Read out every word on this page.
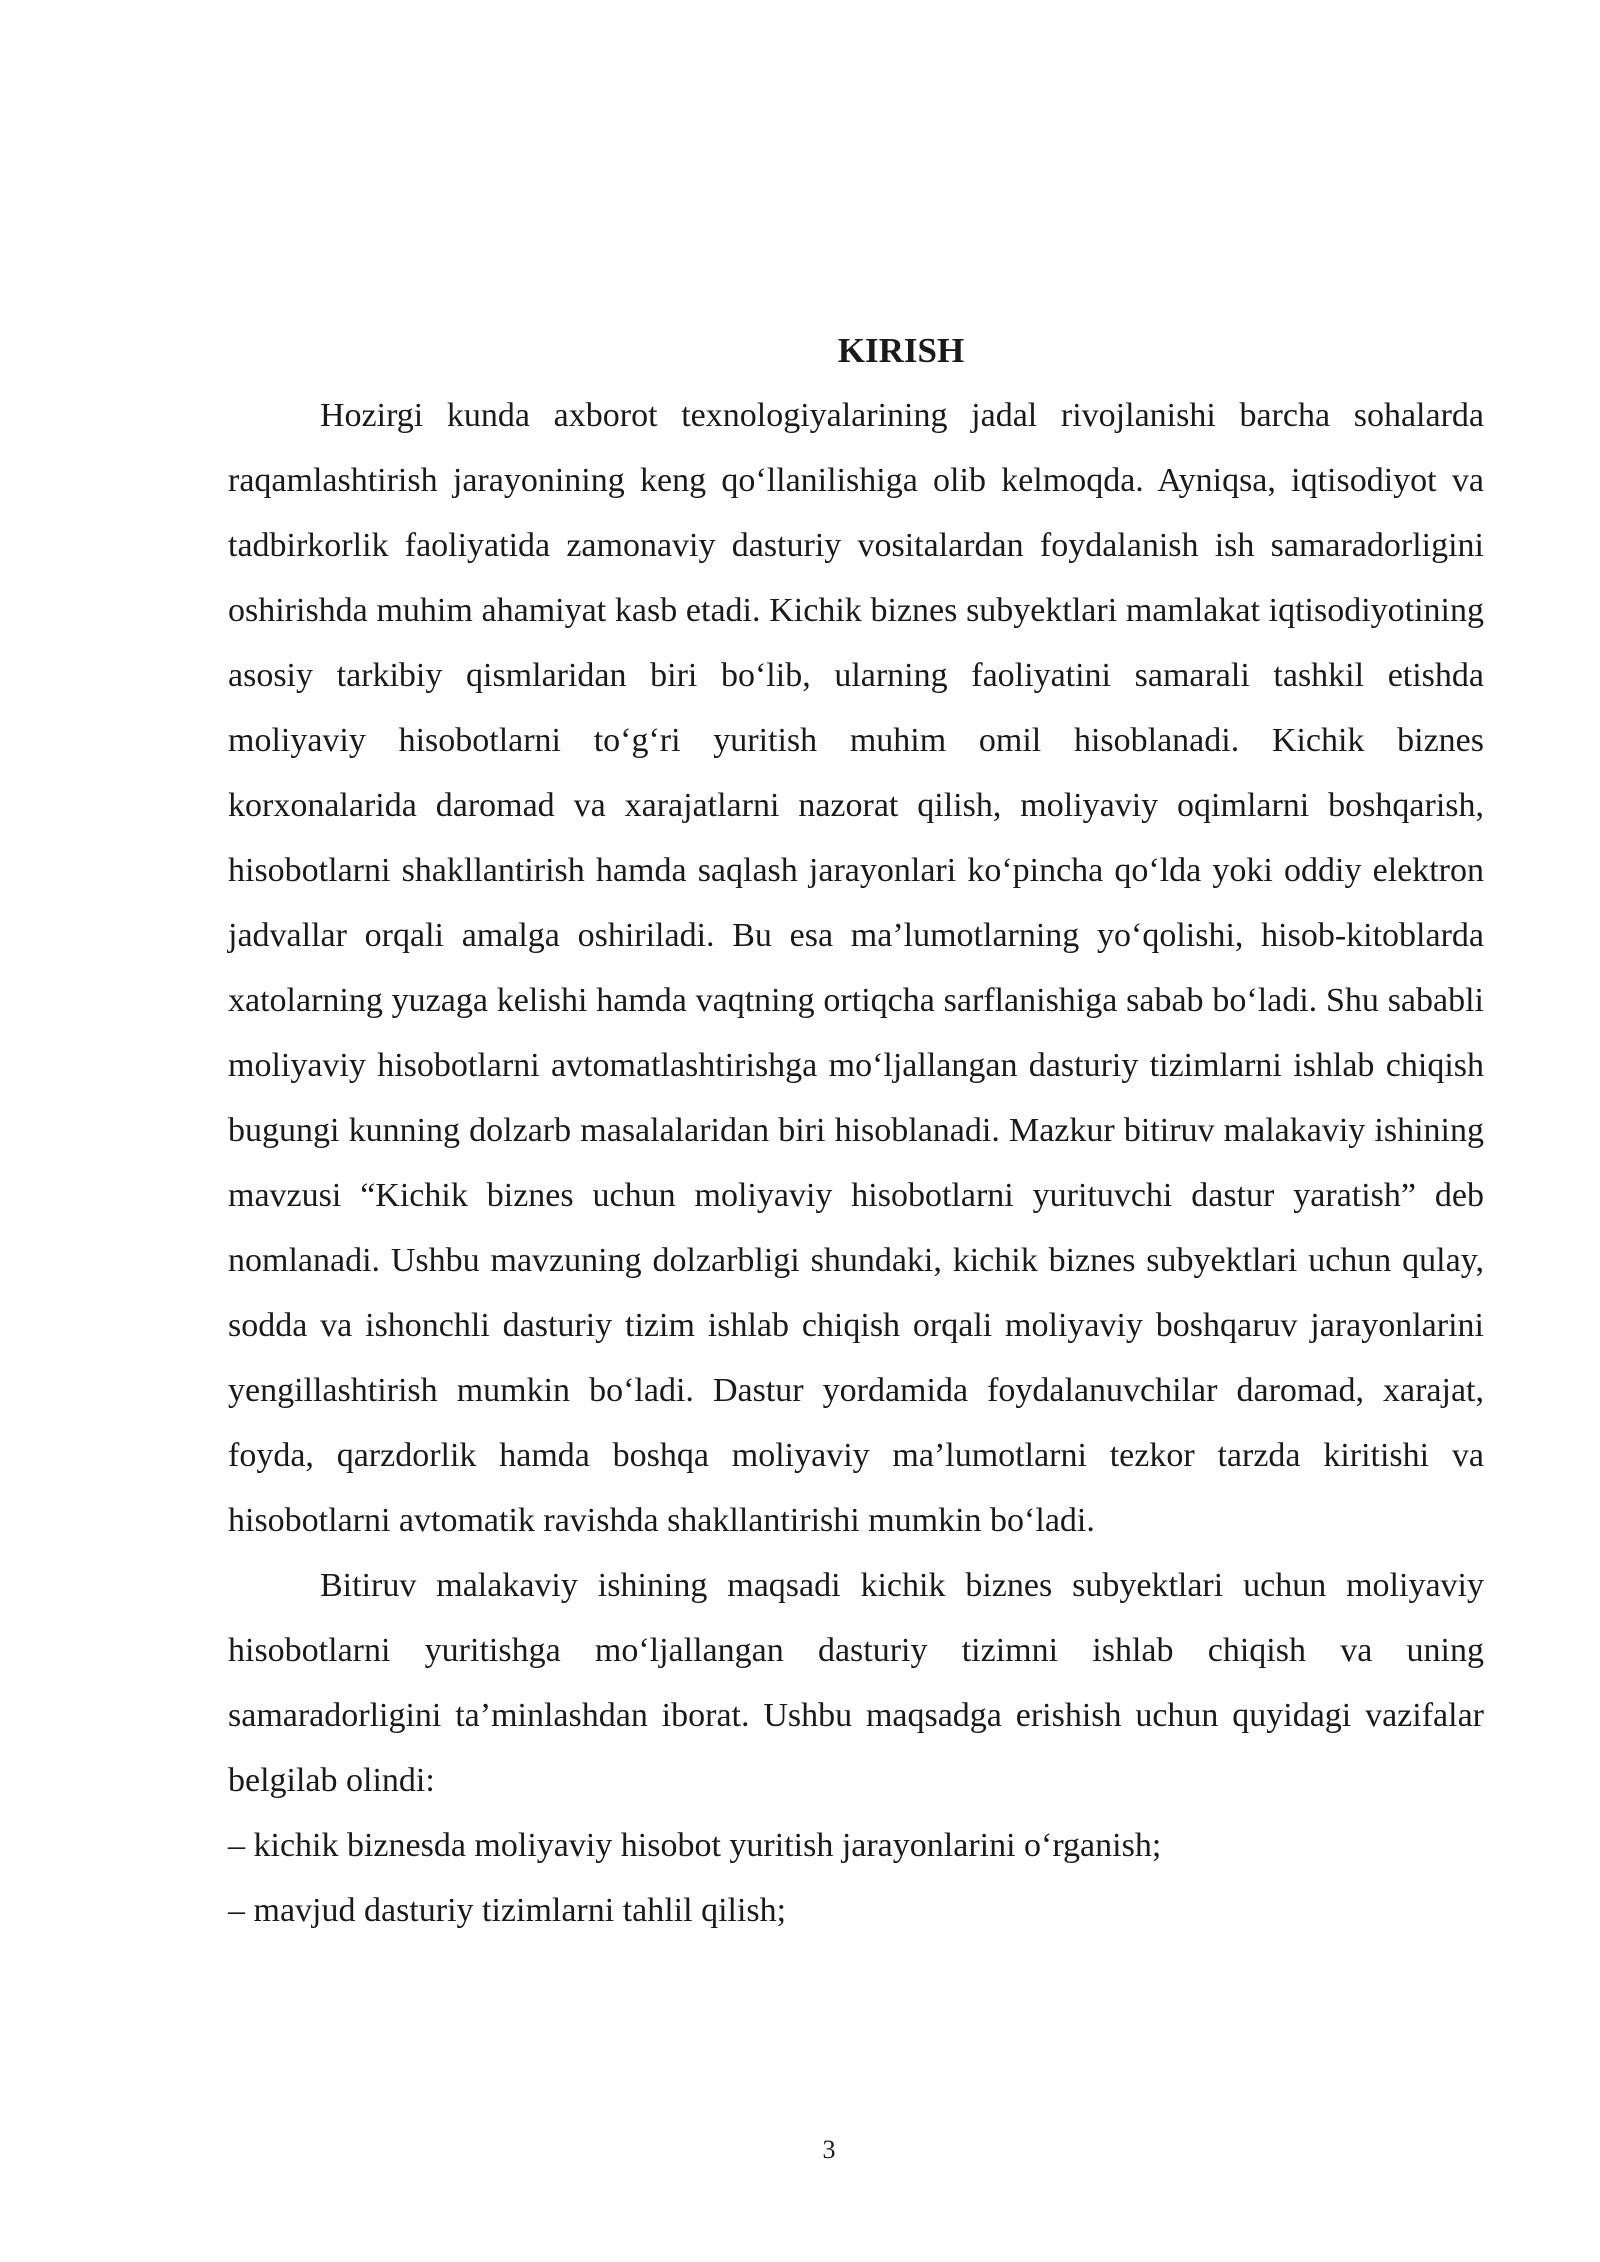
KIRISH

Hozirgi kunda axborot texnologiyalarining jadal rivojlanishi barcha sohalarda raqamlashtirish jarayonining keng qo‘llanilishiga olib kelmoqda. Ayniqsa, iqtisodiyot va tadbirkorlik faoliyatida zamonaviy dasturiy vositalardan foydalanish ish samaradorligini oshirishda muhim ahamiyat kasb etadi. Kichik biznes subyektlari mamlakat iqtisodiyotining asosiy tarkibiy qismlaridan biri bo‘lib, ularning faoliyatini samarali tashkil etishda moliyaviy hisobotlarni to‘g‘ri yuritish muhim omil hisoblanadi. Kichik biznes korxonalarida daromad va xarajatlarni nazorat qilish, moliyaviy oqimlarni boshqarish, hisobotlarni shakllantirish hamda saqlash jarayonlari ko‘pincha qo‘lda yoki oddiy elektron jadvallar orqali amalga oshiriladi. Bu esa ma’lumotlarning yo‘qolishi, hisob-kitoblarda xatolarning yuzaga kelishi hamda vaqtning ortiqcha sarflanishiga sabab bo‘ladi. Shu sababli moliyaviy hisobotlarni avtomatlashtirishga mo‘ljallangan dasturiy tizimlarni ishlab chiqish bugungi kunning dolzarb masalalaridan biri hisoblanadi. Mazkur bitiruv malakaviy ishining mavzusi “Kichik biznes uchun moliyaviy hisobotlarni yurituvchi dastur yaratish” deb nomlanadi. Ushbu mavzuning dolzarbligi shundaki, kichik biznes subyektlari uchun qulay, sodda va ishonchli dasturiy tizim ishlab chiqish orqali moliyaviy boshqaruv jarayonlarini yengillashtirish mumkin bo‘ladi. Dastur yordamida foydalanuvchilar daromad, xarajat, foyda, qarzdorlik hamda boshqa moliyaviy ma’lumotlarni tezkor tarzda kiritishi va hisobotlarni avtomatik ravishda shakllantirishi mumkin bo‘ladi.

Bitiruv malakaviy ishining maqsadi kichik biznes subyektlari uchun moliyaviy hisobotlarni yuritishga mo‘ljallangan dasturiy tizimni ishlab chiqish va uning samaradorligini ta’minlashdan iborat. Ushbu maqsadga erishish uchun quyidagi vazifalar belgilab olindi:

– kichik biznesda moliyaviy hisobot yuritish jarayonlarini o‘rganish;

– mavjud dasturiy tizimlarni tahlil qilish;

3
